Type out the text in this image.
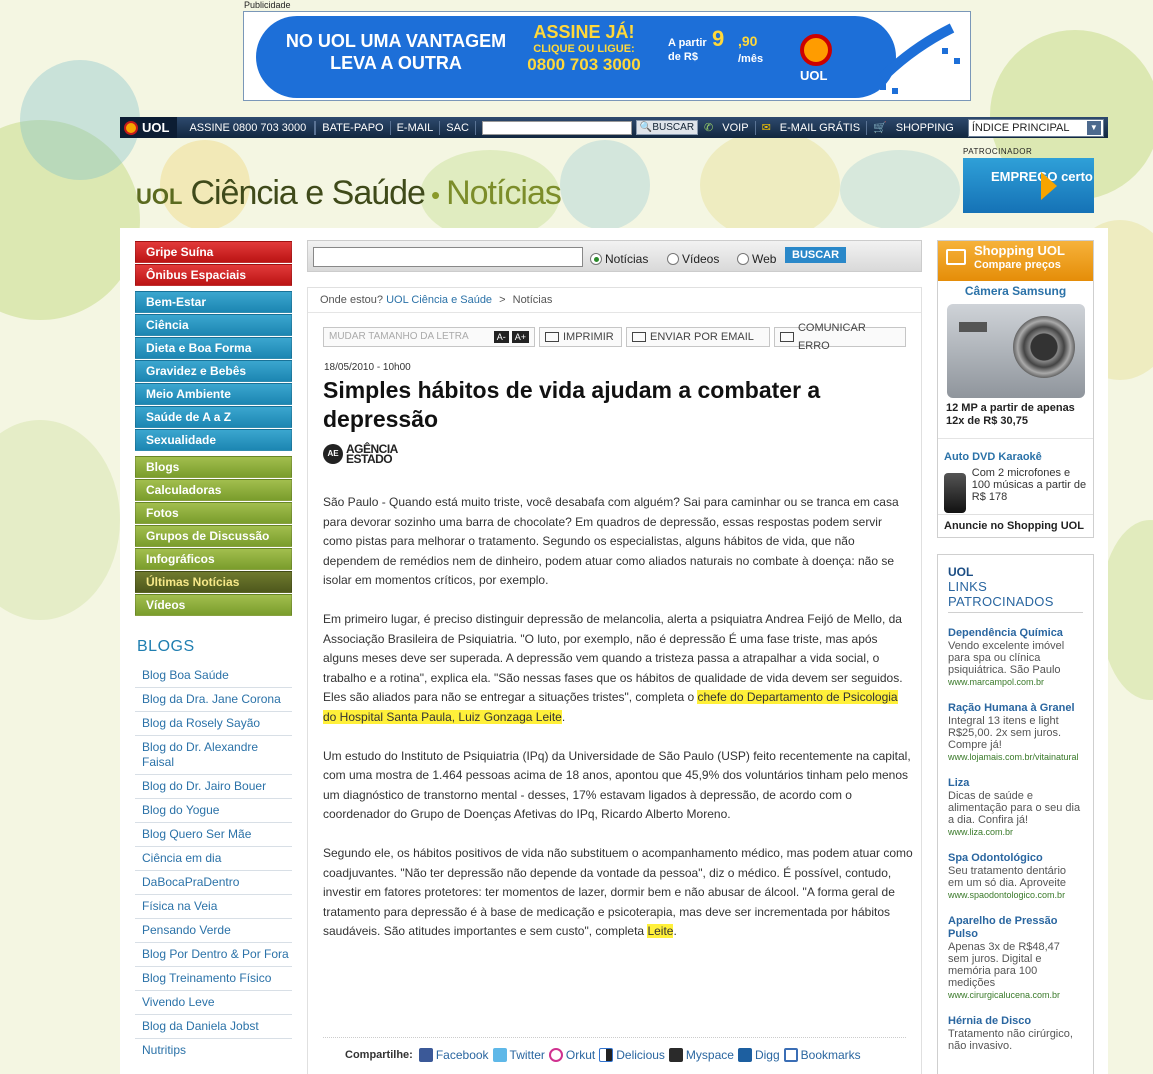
Publicidade
NO UOL UMA VANTAGEM LEVA A OUTRA
ASSINE JÁ!
CLIQUE OU LIGUE:
0800 703 3000
A partir de R$
9 ,90
/mês
UOL
UOL	ASSINE 0800 703 3000	BATE-PAPO	E-MAIL	SAC	🔍BUSCAR ✆ VOIP	✉ E-MAIL GRÁTIS	🛒 SHOPPING	ÍNDICE PRINCIPAL	▼
PATROCINADOR
EMPREGO certo
UOL Ciência e Saúde • Notícias
Gripe Suína
Ônibus Espaciais
Bem-Estar
Ciência
Dieta e Boa Forma
Gravidez e Bebês
Meio Ambiente
Saúde de A a Z
Sexualidade
Blogs
Calculadoras
Fotos
Grupos de Discussão
Infográficos
Últimas Notícias
Vídeos
BLOGS
Blog Boa Saúde
Blog da Dra. Jane Corona
Blog da Rosely Sayão
Blog do Dr. Alexandre Faisal
Blog do Dr. Jairo Bouer
Blog do Yogue
Blog Quero Ser Mãe
Ciência em dia
DaBocaPraDentro
Física na Veia
Pensando Verde
Blog Por Dentro & Por Fora
Blog Treinamento Físico
Vivendo Leve
Blog da Daniela Jobst
Nutritips
Notícias	Vídeos	Web	BUSCAR
Onde estou? UOL Ciência e Saúde > Notícias
MUDAR TAMANHO DA LETRA	A-	A+	IMPRIMIR	ENVIAR POR EMAIL
COMUNICAR ERRO
18/05/2010 - 10h00
Simples hábitos de vida ajudam a combater a depressão
AE AGÊNCIA
ESTADO

São Paulo - Quando está muito triste, você desabafa com alguém? Sai para caminhar ou se tranca em casa para devorar sozinho uma barra de chocolate? Em quadros de depressão, essas respostas podem servir como pistas para melhorar o tratamento. Segundo os especialistas, alguns hábitos de vida, que não dependem de remédios nem de dinheiro, podem atuar como aliados naturais no combate à doença: não se isolar em momentos críticos, por exemplo.

Em primeiro lugar, é preciso distinguir depressão de melancolia, alerta a psiquiatra Andrea Feijó de Mello, da Associação Brasileira de Psiquiatria. "O luto, por exemplo, não é depressão É uma fase triste, mas após alguns meses deve ser superada. A depressão vem quando a tristeza passa a atrapalhar a vida social, o trabalho e a rotina", explica ela. "São nessas fases que os hábitos de qualidade de vida devem ser seguidos. Eles são aliados para não se entregar a situações tristes", completa o chefe do Departamento de Psicologia do Hospital Santa Paula, Luiz Gonzaga Leite.

Um estudo do Instituto de Psiquiatria (IPq) da Universidade de São Paulo (USP) feito recentemente na capital, com uma mostra de 1.464 pessoas acima de 18 anos, apontou que 45,9% dos voluntários tinham pelo menos um diagnóstico de transtorno mental - desses, 17% estavam ligados à depressão, de acordo com o coordenador do Grupo de Doenças Afetivas do IPq, Ricardo Alberto Moreno.

Segundo ele, os hábitos positivos de vida não substituem o acompanhamento médico, mas podem atuar como coadjuvantes. "Não ter depressão não depende da vontade da pessoa", diz o médico. É possível, contudo, investir em fatores protetores: ter momentos de lazer, dormir bem e não abusar de álcool. "A forma geral de tratamento para depressão é à base de medicação e psicoterapia, mas deve ser incrementada por hábitos saudáveis. São atitudes importantes e sem custo", completa Leite.

Compartilhe: Facebook Twitter Orkut Delicious Myspace Digg Bookmarks
Shopping UOL
Compare preços
Câmera Samsung
12 MP a partir de apenas 12x de R$ 30,75
Auto DVD Karaokê
Com 2 microfones e 100 músicas a partir de R$ 178
Anuncie no Shopping UOL
UOL
LINKS PATROCINADOS
Dependência Química
Vendo excelente imóvel para spa ou clínica psiquiátrica. São Paulo
www.marcampol.com.br
Ração Humana à Granel
Integral 13 itens e light R$25,00. 2x sem juros. Compre já!
www.lojamais.com.br/vitainatural
Liza
Dicas de saúde e alimentação para o seu dia a dia. Confira já!
www.liza.com.br
Spa Odontológico
Seu tratamento dentário em um só dia. Aproveite
www.spaodontologico.com.br
Aparelho de Pressão Pulso
Apenas 3x de R$48,47 sem juros. Digital e memória para 100 medições
www.cirurgicalucena.com.br
Hérnia de Disco
Tratamento não cirúrgico, não invasivo.
